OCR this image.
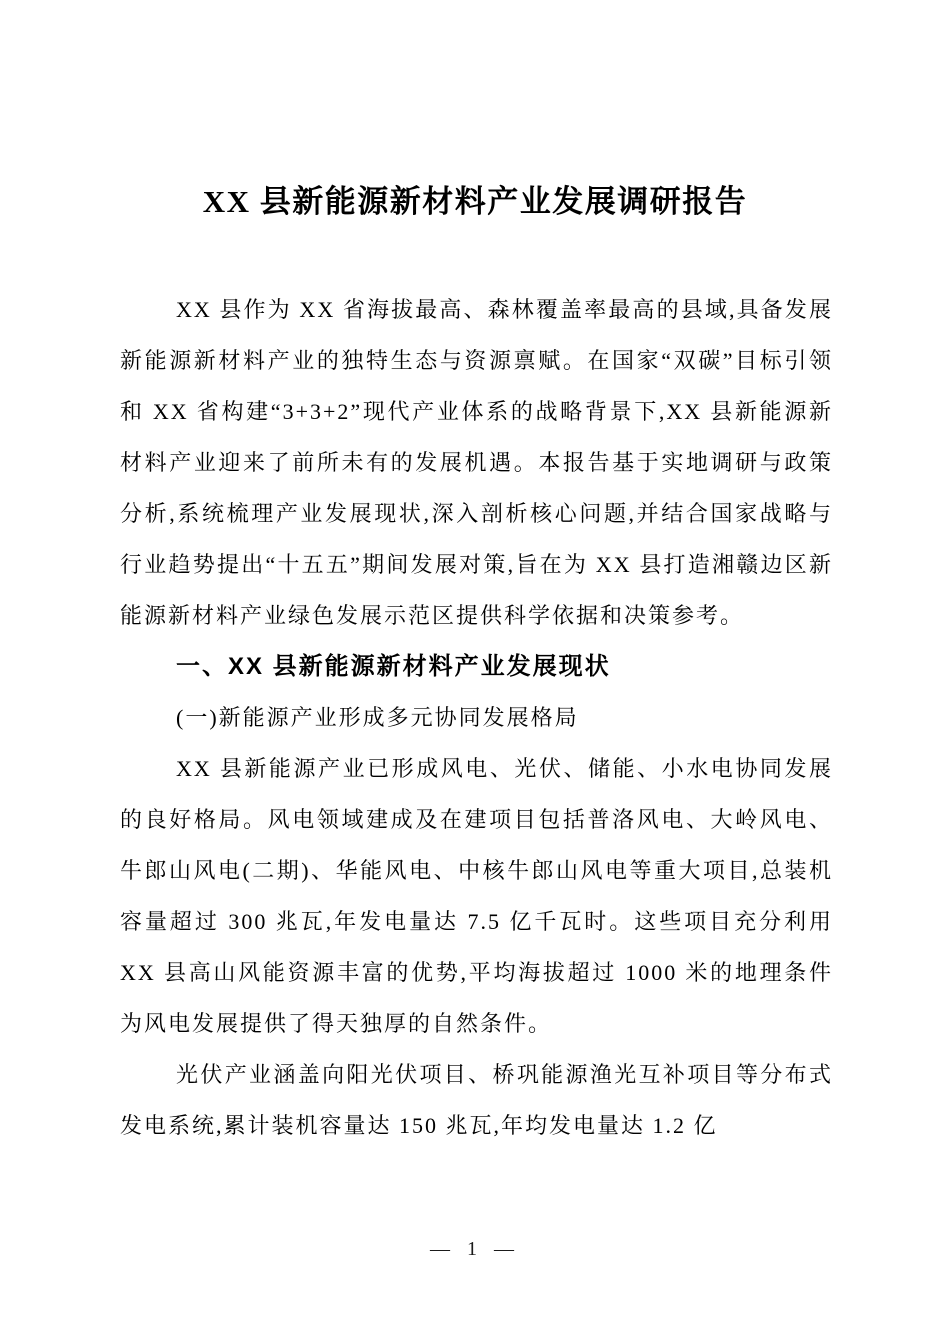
XX 县新能源新材料产业发展调研报告

XX 县作为 XX 省海拔最高、森林覆盖率最高的县域,具备发展新能源新材料产业的独特生态与资源禀赋。在国家“双碳”目标引领和 XX 省构建“3+3+2”现代产业体系的战略背景下,XX 县新能源新材料产业迎来了前所未有的发展机遇。本报告基于实地调研与政策分析,系统梳理产业发展现状,深入剖析核心问题,并结合国家战略与行业趋势提出“十五五”期间发展对策,旨在为 XX 县打造湘赣边区新能源新材料产业绿色发展示范区提供科学依据和决策参考。

一、XX 县新能源新材料产业发展现状
(一)新能源产业形成多元协同发展格局

XX 县新能源产业已形成风电、光伏、储能、小水电协同发展的良好格局。风电领域建成及在建项目包括普洛风电、大岭风电、牛郎山风电(二期)、华能风电、中核牛郎山风电等重大项目,总装机容量超过 300 兆瓦,年发电量达 7.5 亿千瓦时。这些项目充分利用 XX 县高山风能资源丰富的优势,平均海拔超过 1000 米的地理条件为风电发展提供了得天独厚的自然条件。

光伏产业涵盖向阳光伏项目、桥巩能源渔光互补项目等分布式发电系统,累计装机容量达 150 兆瓦,年均发电量达 1.2 亿

— 1 —
